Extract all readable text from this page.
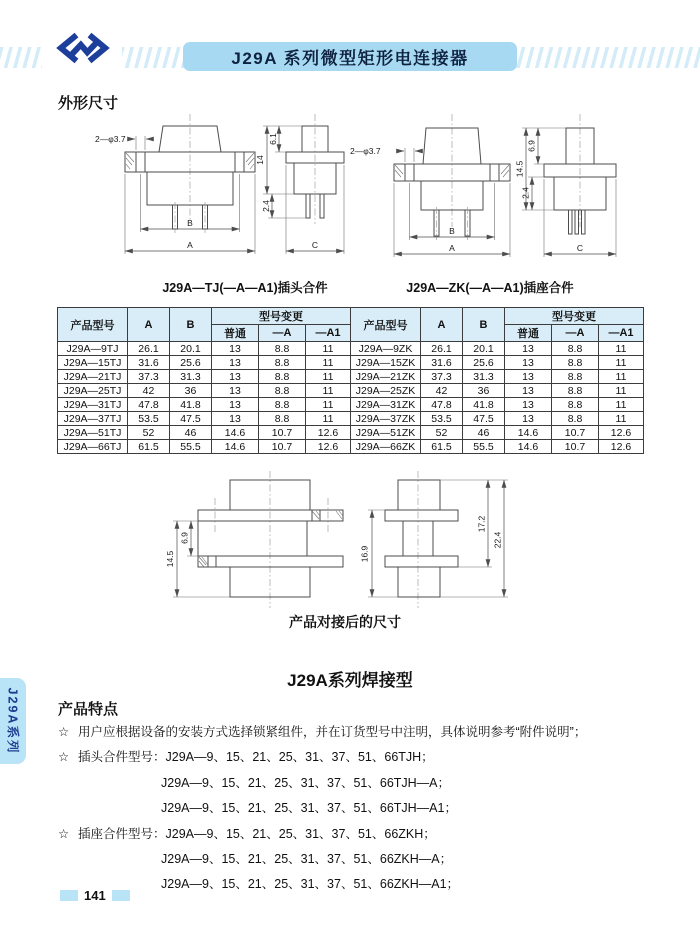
J29A 系列微型矩形电连接器
外形尺寸
2—φ3.7
B
A
14
6.1
2.4
C
2—φ3.7
B
A
14.5
6.9
2.4
C
J29A—TJ(—A—A1)插头合件	J29A—ZK(—A—A1)插座合件
产品型号	A	B	型号变更		
			普通	—A	—A1
J29A—9TJ	26.1	20.1	13	8.8	11
J29A—15TJ	31.6	25.6	13	8.8	11
J29A—21TJ	37.3	31.3	13	8.8	11
J29A—25TJ	42	36	13	8.8	11
J29A—31TJ	47.8	41.8	13	8.8	11
J29A—37TJ	53.5	47.5	13	8.8	11
J29A—51TJ	52	46	14.6	10.7	12.6
J29A—66TJ	61.5	55.5	14.6	10.7	12.6
产品型号	A	B	型号变更		
			普通	—A	—A1
J29A—9ZK	26.1	20.1	13	8.8	11
J29A—15ZK	31.6	25.6	13	8.8	11
J29A—21ZK	37.3	31.3	13	8.8	11
J29A—25ZK	42	36	13	8.8	11
J29A—31ZK	47.8	41.8	13	8.8	11
J29A—37ZK	53.5	47.5	13	8.8	11
J29A—51ZK	52	46	14.6	10.7	12.6
J29A—66ZK	61.5	55.5	14.6	10.7	12.6
14.5
6.9
16.9
17.2
22.4
产品对接后的尺寸
J29A系列焊接型
产品特点
☆ 用户应根据设备的安装方式选择锁紧组件，并在订货型号中注明，具体说明参考“附件说明”；
☆ 插头合件型号：J29A—9、15、21、25、31、37、51、66TJH；
J29A—9、15、21、25、31、37、51、66TJH—A；
J29A—9、15、21、25、31、37、51、66TJH—A1；
☆ 插座合件型号：J29A—9、15、21、25、31、37、51、66ZKH；
J29A—9、15、21、25、31、37、51、66ZKH—A；
J29A—9、15、21、25、31、37、51、66ZKH—A1；
J29A系列
141
